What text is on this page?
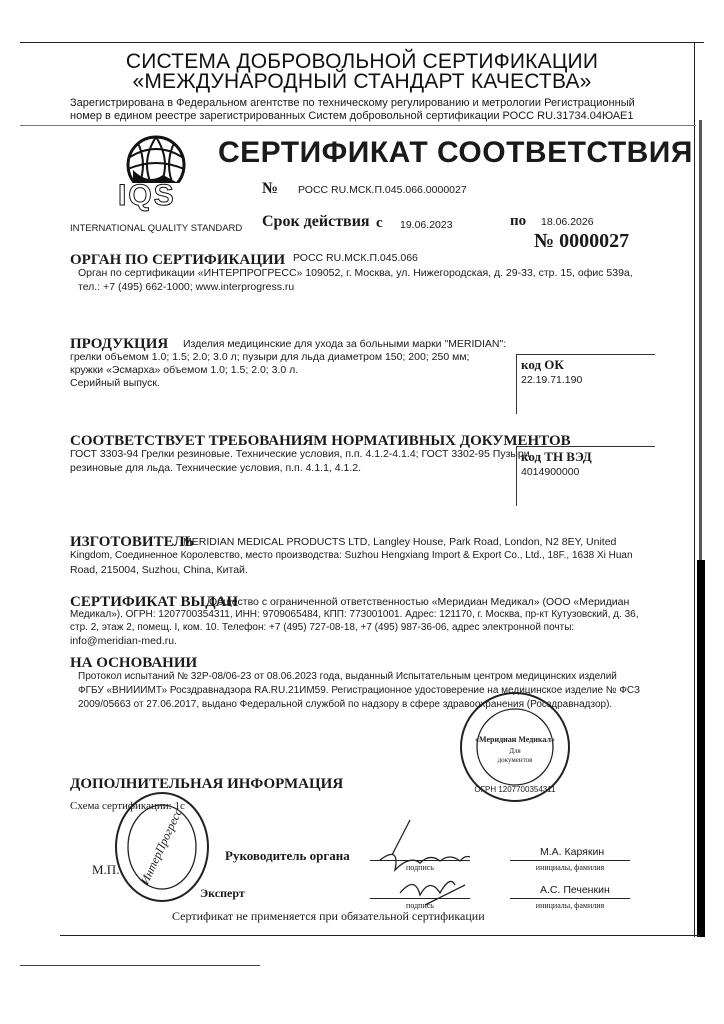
СИСТЕМА ДОБРОВОЛЬНОЙ СЕРТИФИКАЦИИ
«МЕЖДУНАРОДНЫЙ СТАНДАРТ КАЧЕСТВА»
Зарегистрирована в Федеральном агентстве по техническому регулированию и метрологии Регистрационный
номер в едином реестре зарегистрированных Систем добровольной сертификации РОСС RU.31734.04ЮАЕ1
IQS
INTERNATIONAL QUALITY STANDARD
СЕРТИФИКАТ СООТВЕТСТВИЯ
№ РОСС RU.МСК.П.045.066.0000027
Срок действия с 19.06.2023	по 18.06.2026
№ 0000027
ОРГАН ПО СЕРТИФИКАЦИИ РОСС RU.МСК.П.045.066
Орган по сертификации «ИНТЕРПРОГРЕСС» 109052, г. Москва, ул. Нижегородская, д. 29-33, стр. 15, офис 539а,
тел.: +7 (495) 662-1000; www.interprogress.ru
ПРОДУКЦИЯ Изделия медицинские для ухода за больными марки "MERIDIAN":
грелки объемом 1.0; 1.5; 2.0; 3.0 л; пузыри для льда диаметром 150; 200; 250 мм;
кружки «Эсмарха» объемом 1.0; 1.5; 2.0; 3.0 л.
Серийный выпуск.
код ОК
22.19.71.190
СООТВЕТСТВУЕТ ТРЕБОВАНИЯМ НОРМАТИВНЫХ ДОКУМЕНТОВ
ГОСТ 3303-94 Грелки резиновые. Технические условия, п.п. 4.1.2-4.1.4; ГОСТ 3302-95 Пузыри
резиновые для льда. Технические условия, п.п. 4.1.1, 4.1.2.
код ТН ВЭД
4014900000
ИЗГОТОВИТЕЛЬ
MERIDIAN MEDICAL PRODUCTS LTD, Langley House, Park Road, London, N2 8EY, United
Kingdom, Соединенное Королевство, место производства: Suzhou Hengxiang Import & Export Co., Ltd., 18F., 1638 Xi Huan
Road, 215004, Suzhou, China, Китай.
СЕРТИФИКАТ ВЫДАН
Общество с ограниченной ответственностью «Меридиан Медикал» (ООО «Меридиан
Медикал»). ОГРН: 1207700354311, ИНН: 9709065484, КПП: 773001001. Адрес: 121170, г. Москва, пр-кт Кутузовский, д. 36,
стр. 2, этаж 2, помещ. I, ком. 10. Телефон: +7 (495) 727-08-18, +7 (495) 987-36-06, адрес электронной почты:
info@meridian-med.ru.
НА ОСНОВАНИИ
Протокол испытаний № 32Р-08/06-23 от 08.06.2023 года, выданный Испытательным центром медицинских изделий
ФГБУ «ВНИИИМТ» Росздравнадзора RA.RU.21ИМ59. Регистрационное удостоверение на медицинское изделие № ФСЗ
2009/05663 от 27.06.2017, выдано Федеральной службой по надзору в сфере здравоохранения (Росздравнадзор).
ДОПОЛНИТЕЛЬНАЯ ИНФОРМАЦИЯ
Схема сертификации: 1с
Руководитель органа
М.П.
Эксперт
подпись
подпись
М.А. Карякин
инициалы, фамилия
А.С. Печенкин
инициалы, фамилия
Сертификат не применяется при обязательной сертификации
ИнтерПрогресс
«Меридиан Медикал»
Для
документов
ОГРН 1207700354311
